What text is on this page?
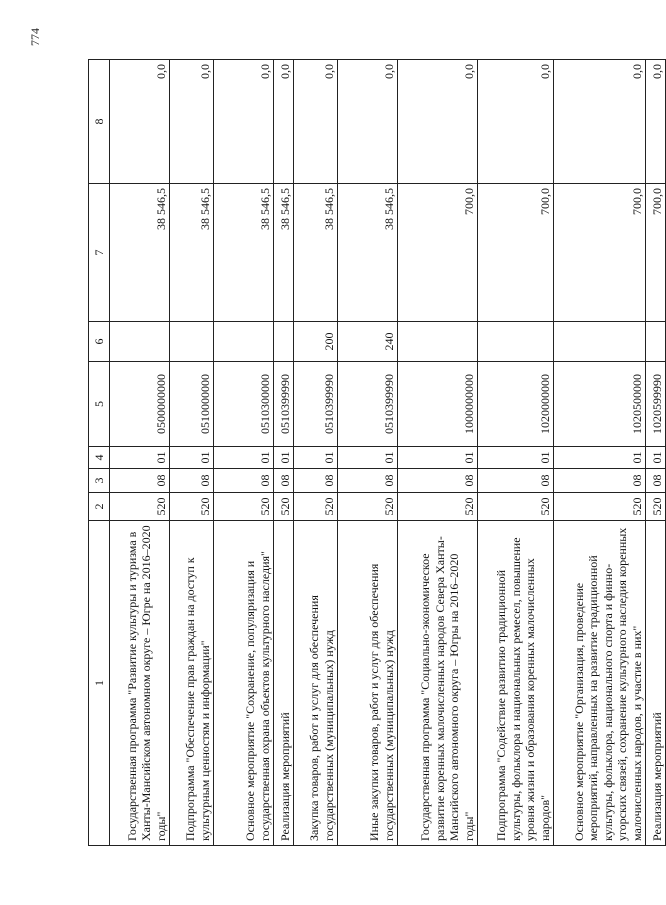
774
1	2	3	4	5	6	7	8
Государственная программа "Развитие культуры и туризма в Ханты-Мансийском автономном округе – Югре на 2016–2020 годы"	520	08	01	0500000000		38 546,5	0,0
Подпрограмма "Обеспечение прав граждан на доступ к культурным ценностям и информации"	520	08	01	0510000000		38 546,5	0,0
Основное мероприятие "Сохранение, популяризация и государственная охрана объектов культурного наследия"	520	08	01	0510300000		38 546,5	0,0
Реализация мероприятий	520	08	01	0510399990		38 546,5	0,0
Закупка товаров, работ и услуг для обеспечения государственных (муниципальных) нужд	520	08	01	0510399990	200	38 546,5	0,0
Иные закупки товаров, работ и услуг для обеспечения государственных (муниципальных) нужд	520	08	01	0510399990	240	38 546,5	0,0
Государственная программа "Социально-экономическое развитие коренных малочисленных народов Севера Ханты-Мансийского автономного округа – Югры на 2016–2020 годы"	520	08	01	1000000000		700,0	0,0
Подпрограмма "Содействие развитию традиционной культуры, фольклора и национальных ремесел, повышение уровня жизни и образования коренных малочисленных народов"	520	08	01	1020000000		700,0	0,0
Основное мероприятие "Организация, проведение мероприятий, направленных на развитие традиционной культуры, фольклора, национального спорта и финно-угорских связей, сохранение культурного наследия коренных малочисленных народов, и участие в них"	520	08	01	1020500000		700,0	0,0
Реализация мероприятий	520	08	01	1020599990		700,0	0,0
